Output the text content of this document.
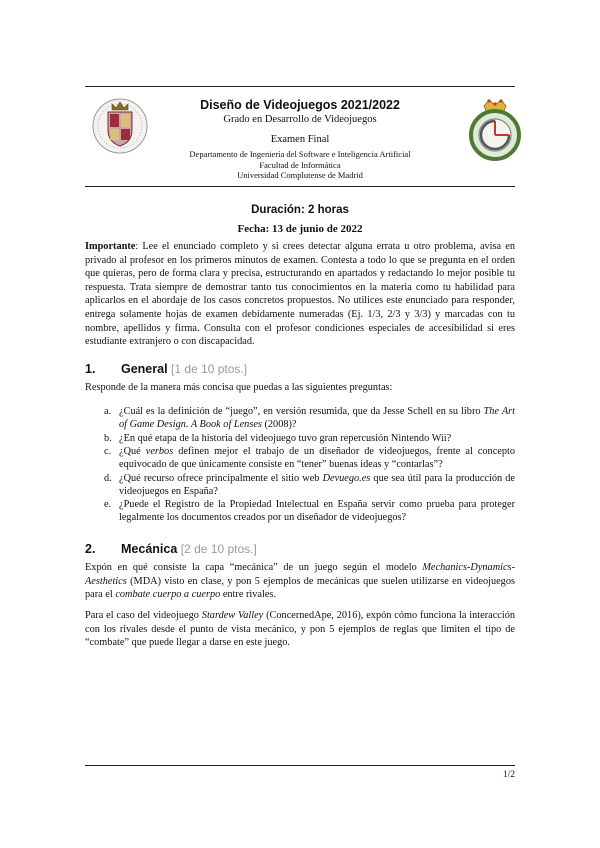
Diseño de Videojuegos 2021/2022
Grado en Desarrollo de Videojuegos
Examen Final
Departamento de Ingeniería del Software e Inteligencia Artificial
Facultad de Informática
Universidad Complutense de Madrid
Duración: 2 horas
Fecha: 13 de junio de 2022
Importante: Lee el enunciado completo y si crees detectar alguna errata u otro problema, avisa en privado al profesor en los primeros minutos de examen. Contesta a todo lo que se pregunta en el orden que quieras, pero de forma clara y precisa, estructurando en apartados y redactando lo mejor posible tu respuesta. Trata siempre de demostrar tanto tus conocimientos en la materia como tu habilidad para aplicarlos en el abordaje de los casos concretos propuestos. No utilices este enunciado para responder, entrega solamente hojas de examen debidamente numeradas (Ej. 1/3, 2/3 y 3/3) y marcadas con tu nombre, apellidos y firma. Consulta con el profesor condiciones especiales de accesibilidad si eres estudiante extranjero o con discapacidad.
1. General [1 de 10 ptos.]
Responde de la manera más concisa que puedas a las siguientes preguntas:
a. ¿Cuál es la definición de “juego”, en versión resumida, que da Jesse Schell en su libro The Art of Game Design. A Book of Lenses (2008)?
b. ¿En qué etapa de la historia del videojuego tuvo gran repercusión Nintendo Wii?
c. ¿Qué verbos definen mejor el trabajo de un diseñador de videojuegos, frente al concepto equivocado de que únicamente consiste en “tener” buenas ideas y “contarlas”?
d. ¿Qué recurso ofrece principalmente el sitio web Devuego.es que sea útil para la producción de videojuegos en España?
e. ¿Puede el Registro de la Propiedad Intelectual en España servir como prueba para proteger legalmente los documentos creados por un diseñador de videojuegos?
2. Mecánica [2 de 10 ptos.]
Expón en qué consiste la capa “mecánica” de un juego según el modelo Mechanics-Dynamics-Aesthetics (MDA) visto en clase, y pon 5 ejemplos de mecánicas que suelen utilizarse en videojuegos para el combate cuerpo a cuerpo entre rivales.
Para el caso del videojuego Stardew Valley (ConcernedApe, 2016), expón cómo funciona la interacción con los rivales desde el punto de vista mecánico, y pon 5 ejemplos de reglas que limiten el tipo de “combate” que puede llegar a darse en este juego.
1/2
